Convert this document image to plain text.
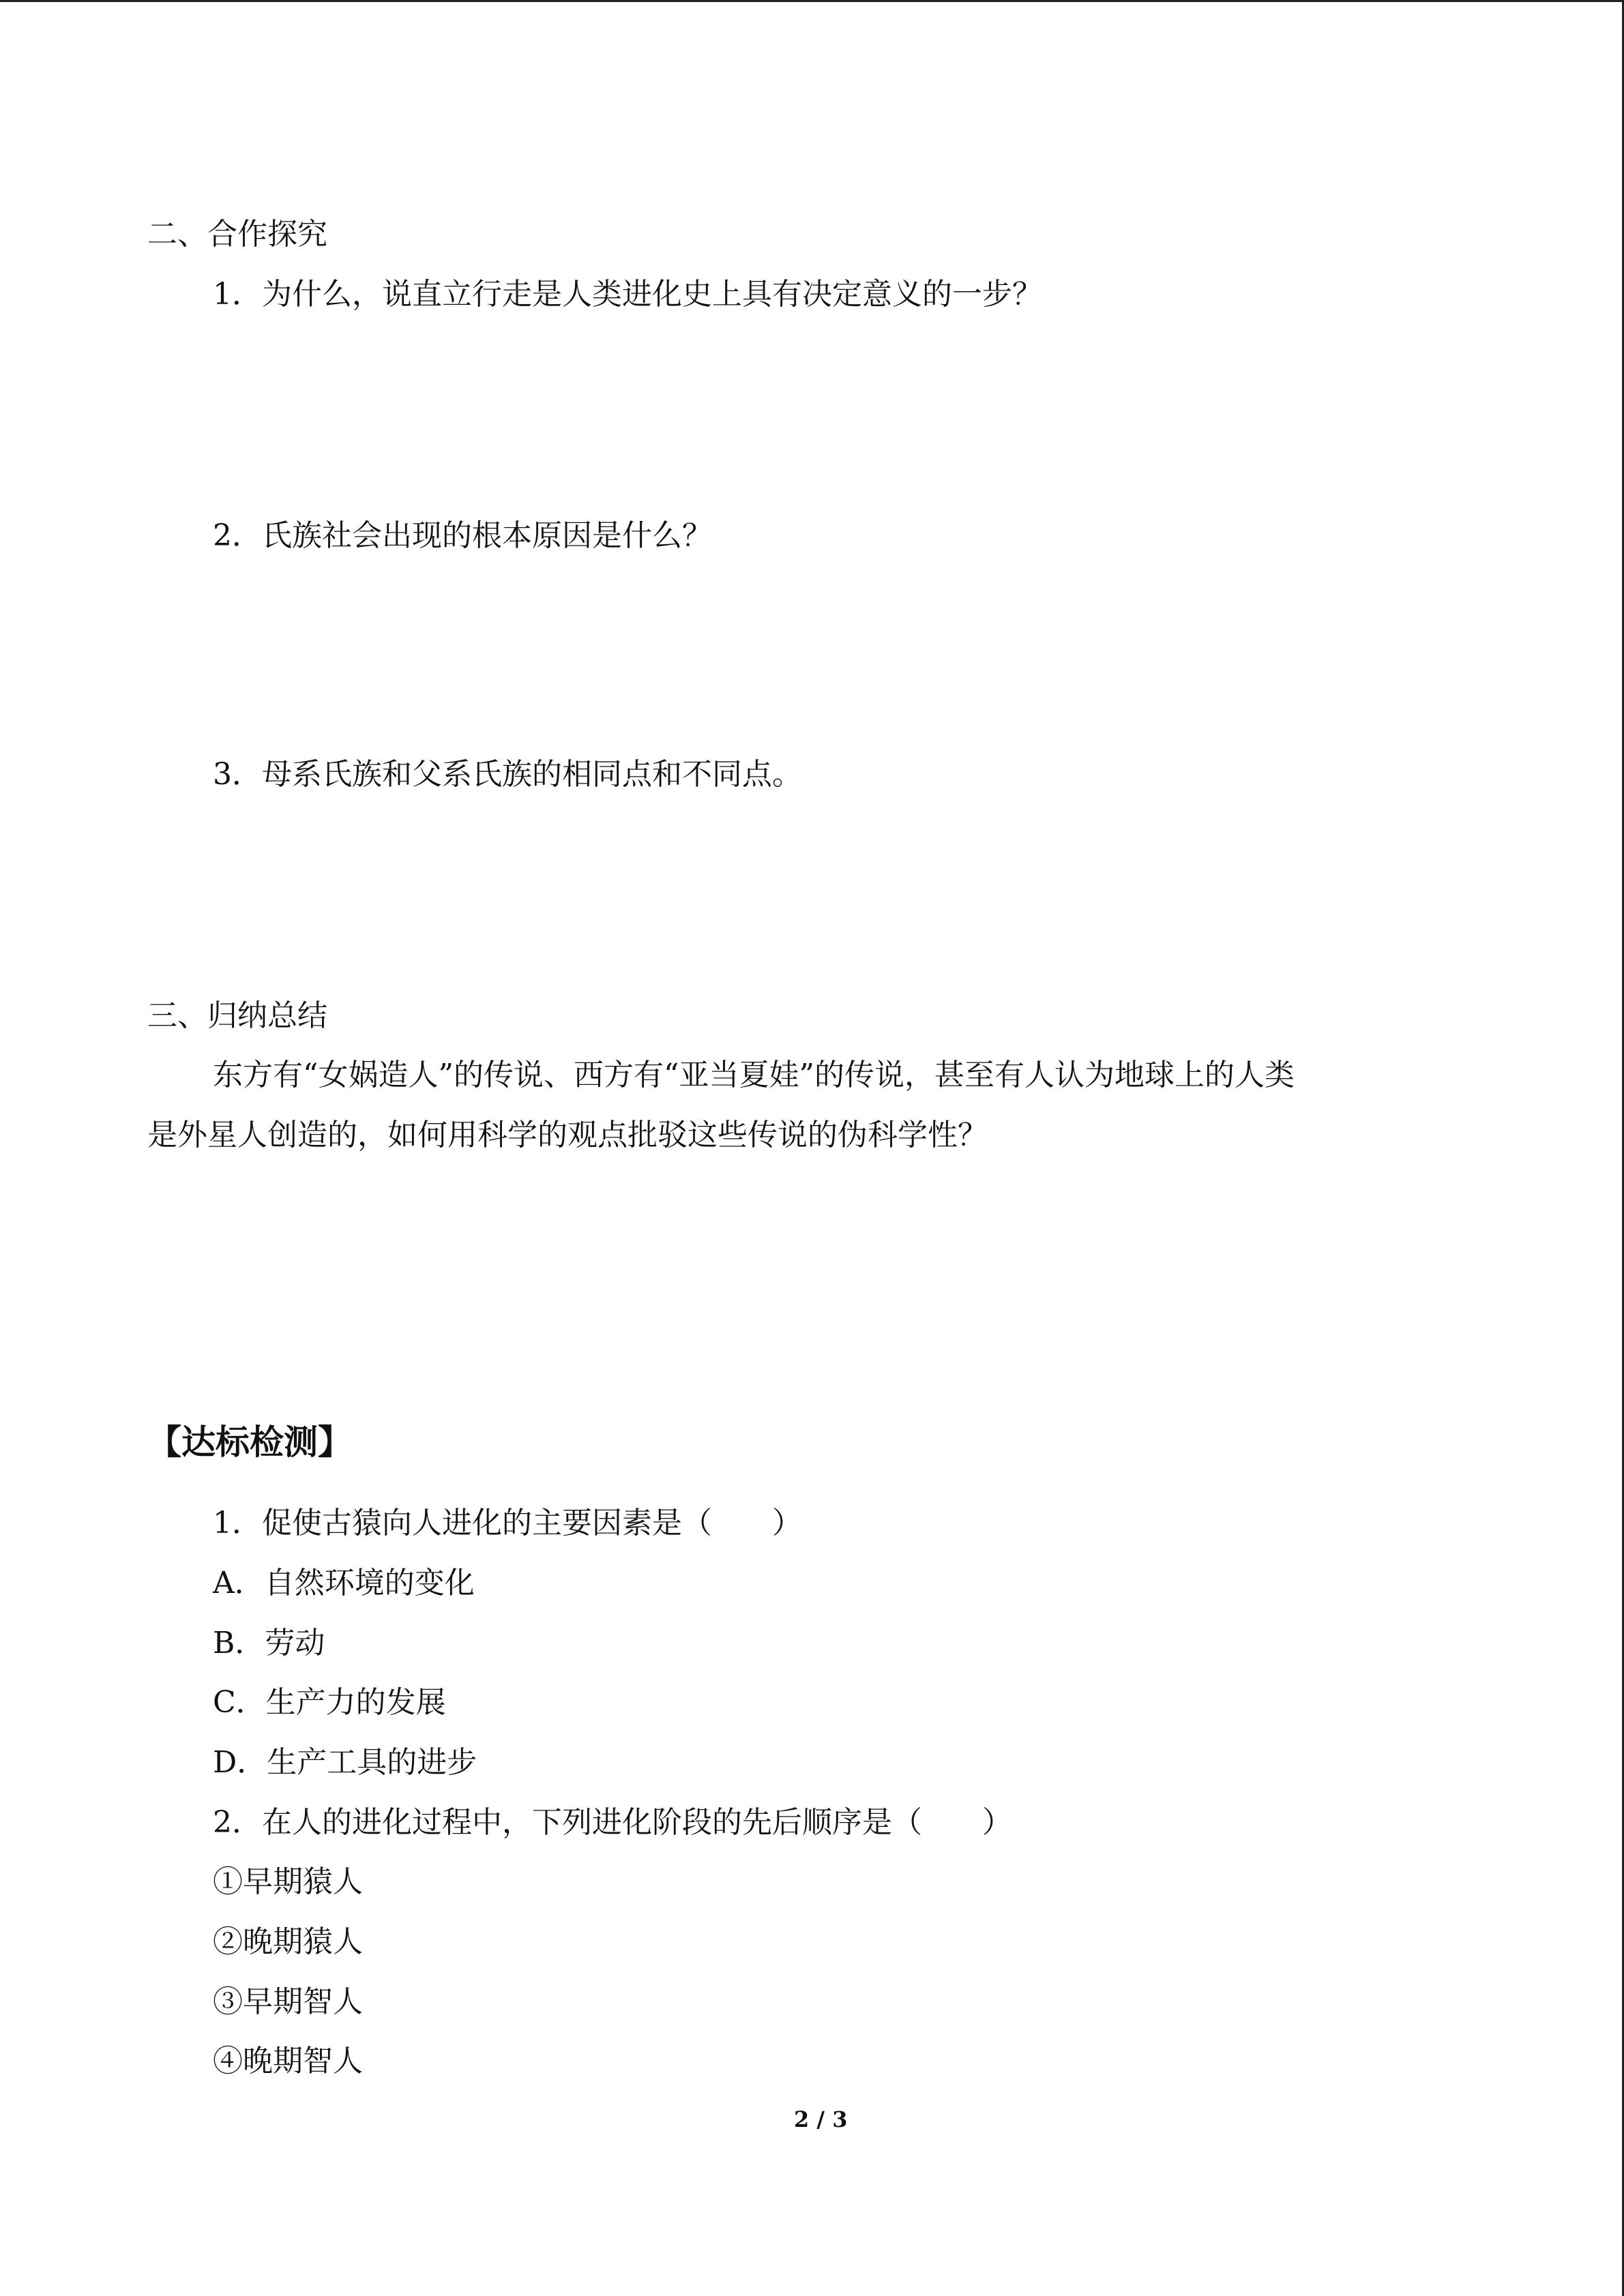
二、合作探究
1．为什么，说直立行走是人类进化史上具有决定意义的一步？
2．氏族社会出现的根本原因是什么？
3．母系氏族和父系氏族的相同点和不同点。
三、归纳总结
东方有“女娲造人”的传说、西方有“亚当夏娃”的传说，甚至有人认为地球上的人类
是外星人创造的，如何用科学的观点批驳这些传说的伪科学性？
【达标检测】
1．促使古猿向人进化的主要因素是（　　）
A．自然环境的变化
B．劳动
C．生产力的发展
D．生产工具的进步
2．在人的进化过程中，下列进化阶段的先后顺序是（　　）
①早期猿人
②晚期猿人
③早期智人
④晚期智人
2 / 3
